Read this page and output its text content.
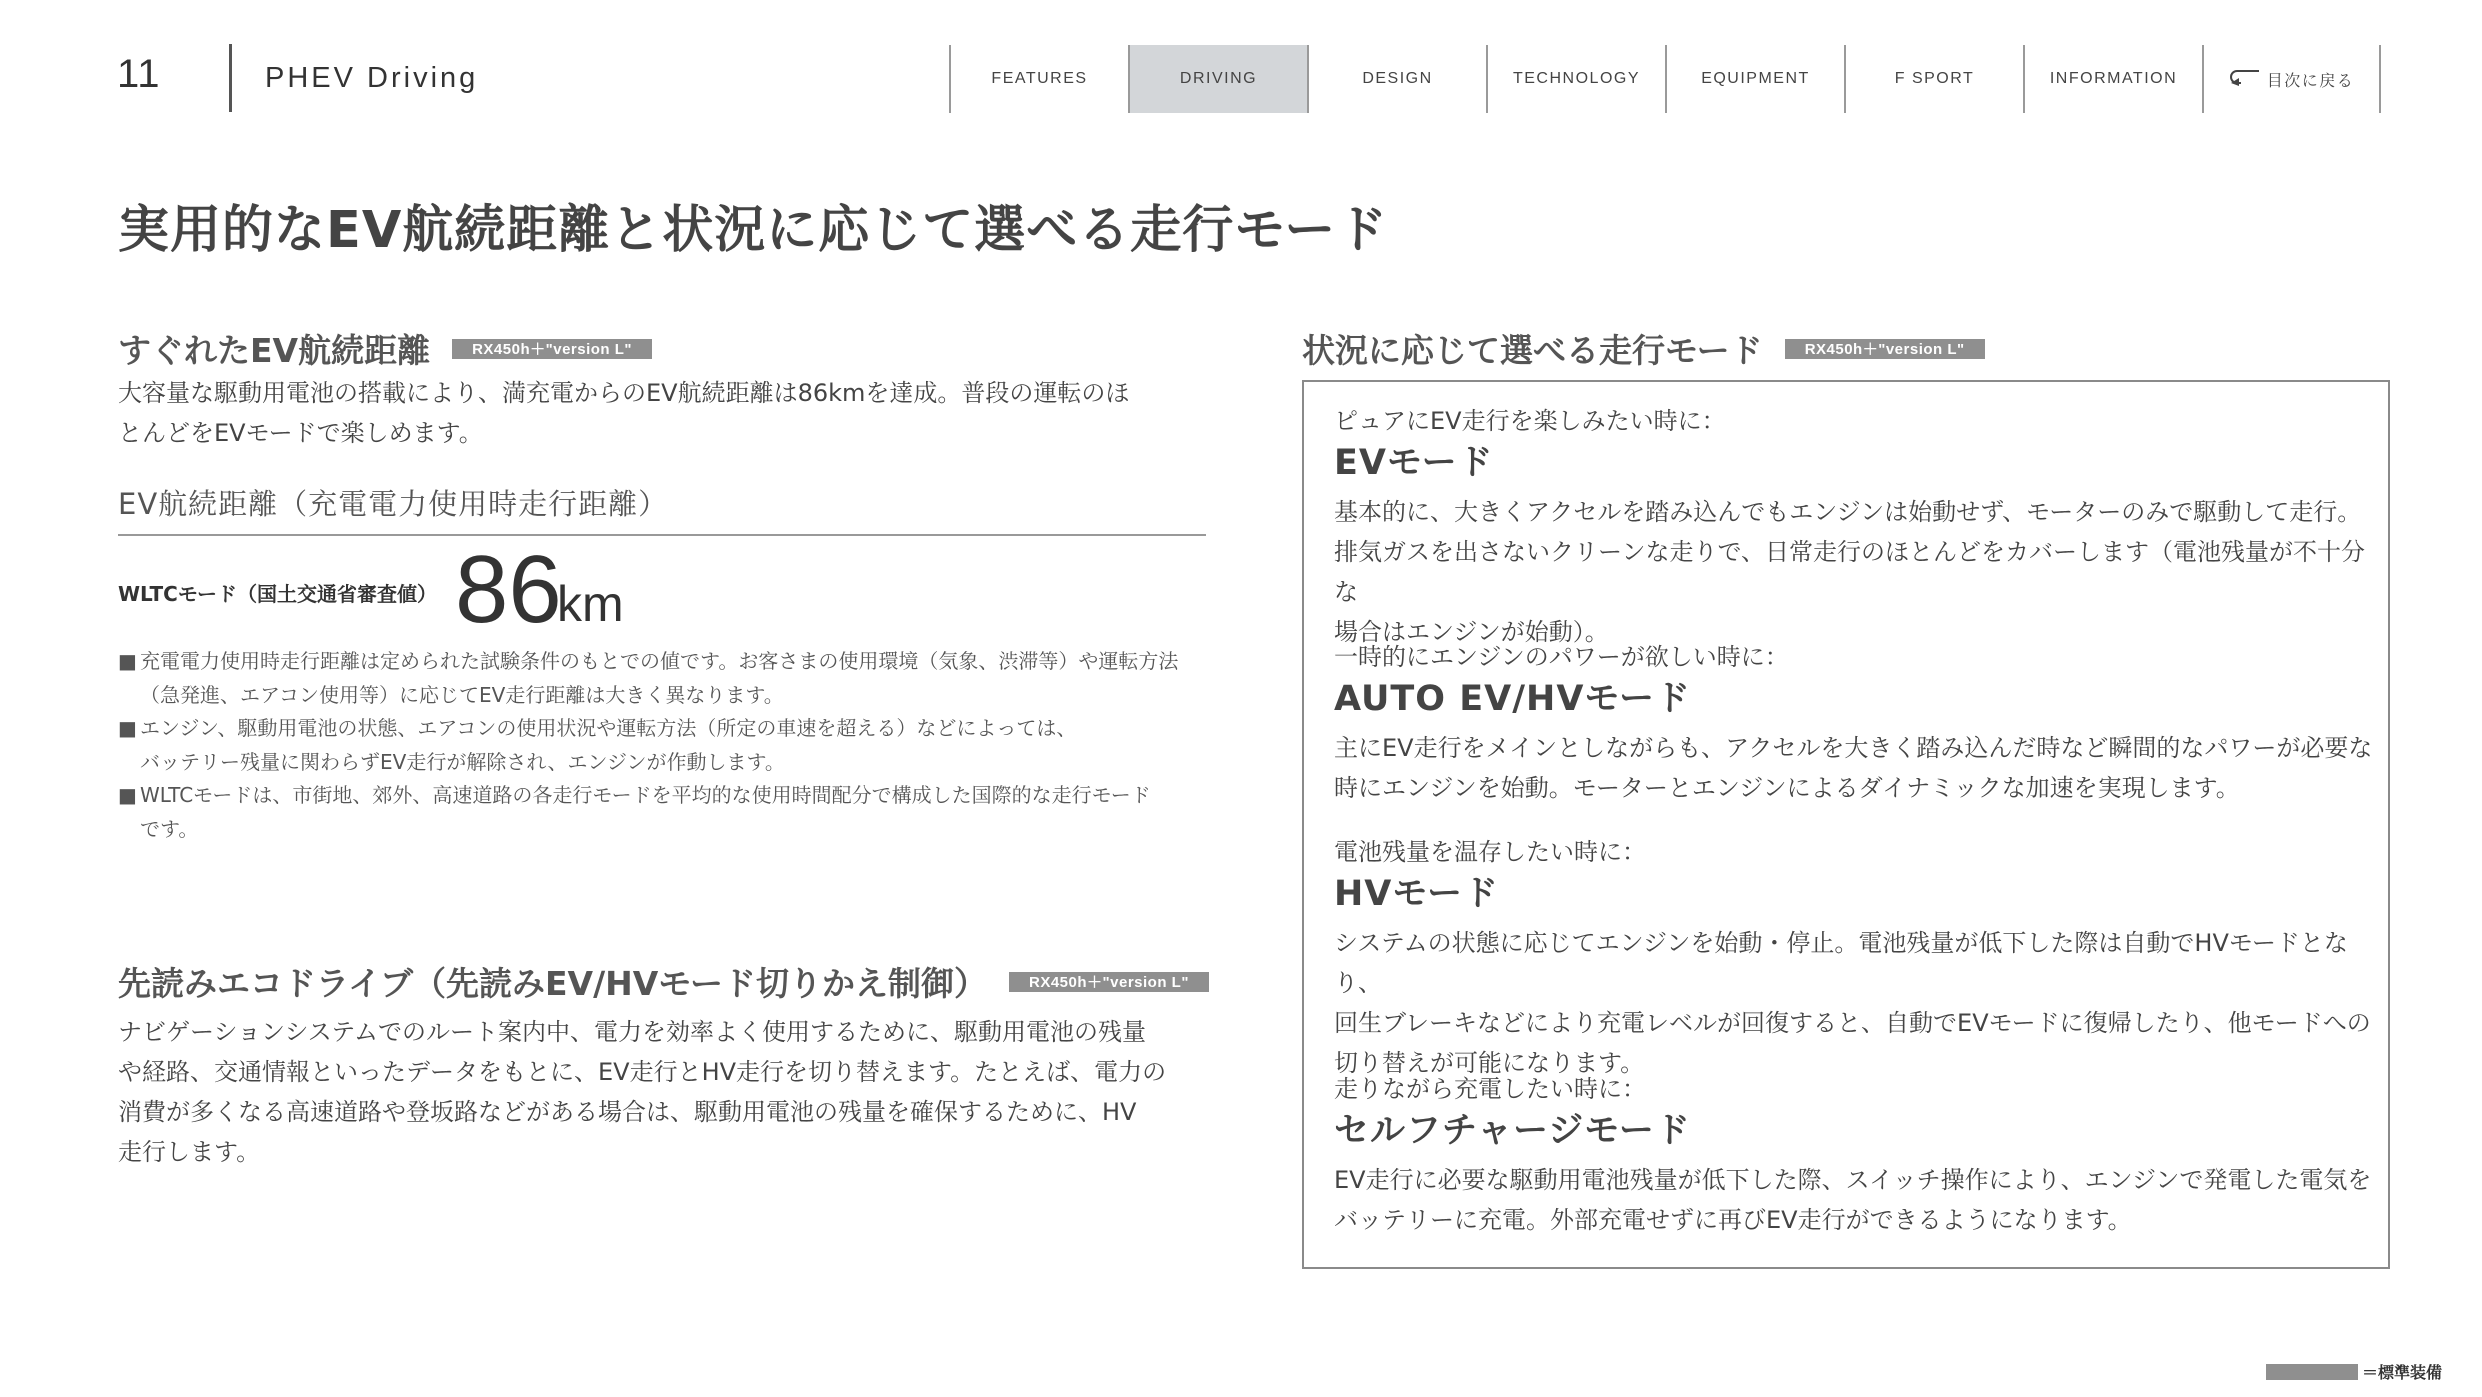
11	PHEV Driving	FEATURES	DRIVING	DESIGN	TECHNOLOGY	EQUIPMENT	F SPORT	INFORMATION	目次に戻る
実用的なEV航続距離と状況に応じて選べる走行モード
すぐれたEV航続距離	RX450h＋"version L"

大容量な駆動用電池の搭載により、満充電からのEV航続距離は86kmを達成。普段の運転のほ
とんどをEVモードで楽しめます。

EV航続距離（充電電力使用時走行距離）
WLTCモード（国土交通省審査値） 86
km
■ 充電電力使用時走行距離は定められた試験条件のもとでの値です。お客さまの使用環境（気象、渋滞等）や運転方法
（急発進、エアコン使用等）に応じてEV走行距離は大きく異なります。
■ エンジン、駆動用電池の状態、エアコンの使用状況や運転方法（所定の車速を超える）などによっては、
バッテリー残量に関わらずEV走行が解除され、エンジンが作動します。
■ WLTCモードは、市街地、郊外、高速道路の各走行モードを平均的な使用時間配分で構成した国際的な走行モード
です。
先読みエコドライブ（先読みEV/HVモード切りかえ制御）	RX450h＋"version L"

ナビゲーションシステムでのルート案内中、電力を効率よく使用するために、駆動用電池の残量
や経路、交通情報といったデータをもとに、EV走行とHV走行を切り替えます。たとえば、電力の
消費が多くなる高速道路や登坂路などがある場合は、駆動用電池の残量を確保するために、HV
走行します。

状況に応じて選べる走行モード	RX450h＋"version L"
ピュアにEV走行を楽しみたい時に：
EVモード
基本的に、大きくアクセルを踏み込んでもエンジンは始動せず、モーターのみで駆動して走行。
排気ガスを出さないクリーンな走りで、日常走行のほとんどをカバーします（電池残量が不十分な
場合はエンジンが始動）。
一時的にエンジンのパワーが欲しい時に：
AUTO EV/HVモード
主にEV走行をメインとしながらも、アクセルを大きく踏み込んだ時など瞬間的なパワーが必要な
時にエンジンを始動。モーターとエンジンによるダイナミックな加速を実現します。
電池残量を温存したい時に：
HVモード
システムの状態に応じてエンジンを始動・停止。電池残量が低下した際は自動でHVモードとなり、
回生ブレーキなどにより充電レベルが回復すると、自動でEVモードに復帰したり、他モードへの
切り替えが可能になります。
走りながら充電したい時に：
セルフチャージモード
EV走行に必要な駆動用電池残量が低下した際、スイッチ操作により、エンジンで発電した電気を
バッテリーに充電。外部充電せずに再びEV走行ができるようになります。
＝標準装備
